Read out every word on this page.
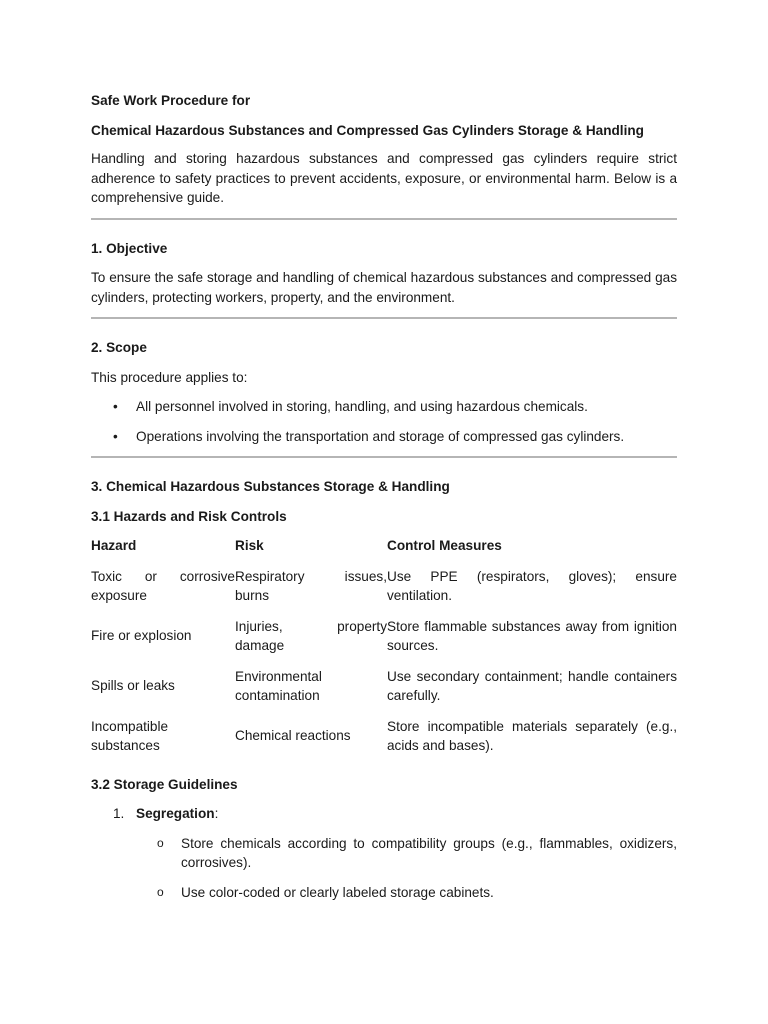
Safe Work Procedure for
Chemical Hazardous Substances and Compressed Gas Cylinders Storage & Handling

Handling and storing hazardous substances and compressed gas cylinders require strict adherence to safety practices to prevent accidents, exposure, or environmental harm. Below is a comprehensive guide.

1. Objective

To ensure the safe storage and handling of chemical hazardous substances and compressed gas cylinders, protecting workers, property, and the environment.

2. Scope
This procedure applies to:
• All personnel involved in storing, handling, and using hazardous chemicals.
• Operations involving the transportation and storage of compressed gas cylinders.
3. Chemical Hazardous Substances Storage & Handling
3.1 Hazards and Risk Controls
Hazard	Risk	Control Measures
Toxic or corrosive exposure	Respiratory issues, burns	Use PPE (respirators, gloves); ensure ventilation.
Fire or explosion	Injuries, property damage	Store flammable substances away from ignition sources.
Spills or leaks	Environmental contamination	Use secondary containment; handle containers carefully.
Incompatible substances	Chemical reactions	Store incompatible materials separately (e.g., acids and bases).
3.2 Storage Guidelines
1. Segregation:
o Store chemicals according to compatibility groups (e.g., flammables, oxidizers, corrosives).
o Use color-coded or clearly labeled storage cabinets.
